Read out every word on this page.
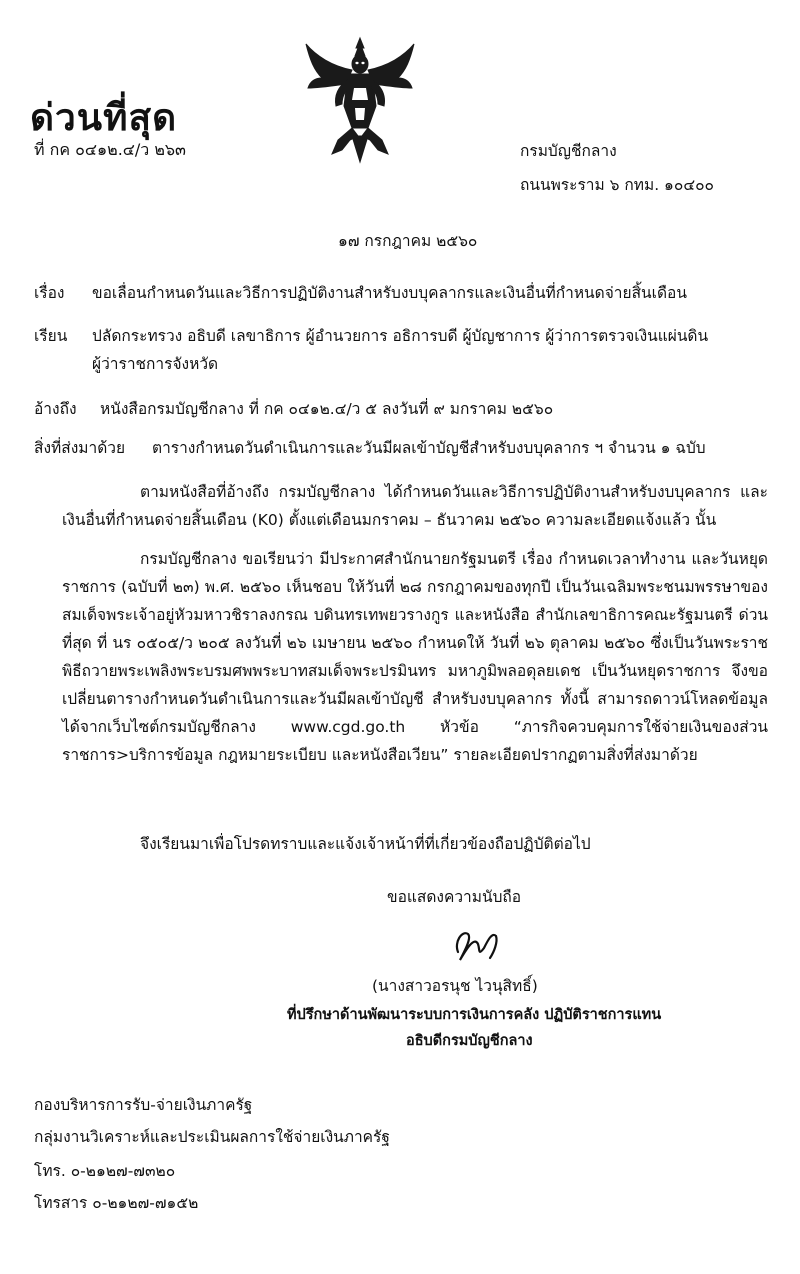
ด่วนที่สุด
ที่ กค ๐๔๑๒.๔/ว ๒๖๓	กรมบัญชีกลาง
ถนนพระราม ๖ กทม. ๑๐๔๐๐
๑๗ กรกฎาคม ๒๕๖๐
เรื่อง ขอเลื่อนกำหนดวันและวิธีการปฏิบัติงานสำหรับงบบุคลากรและเงินอื่นที่กำหนดจ่ายสิ้นเดือน
เรียน ปลัดกระทรวง อธิบดี เลขาธิการ ผู้อำนวยการ อธิการบดี ผู้บัญชาการ ผู้ว่าการตรวจเงินแผ่นดิน
ผู้ว่าราชการจังหวัด
อ้างถึง หนังสือกรมบัญชีกลาง ที่ กค ๐๔๑๒.๔/ว ๕ ลงวันที่ ๙ มกราคม ๒๕๖๐
สิ่งที่ส่งมาด้วย ตารางกำหนดวันดำเนินการและวันมีผลเข้าบัญชีสำหรับงบบุคลากร ฯ จำนวน ๑ ฉบับ
ตามหนังสือที่อ้างถึง กรมบัญชีกลาง ได้กำหนดวันและวิธีการปฏิบัติงานสำหรับงบบุคลากร และเงินอื่นที่กำหนดจ่ายสิ้นเดือน (K0) ตั้งแต่เดือนมกราคม – ธันวาคม ๒๕๖๐ ความละเอียดแจ้งแล้ว นั้น
กรมบัญชีกลาง ขอเรียนว่า มีประกาศสำนักนายกรัฐมนตรี เรื่อง กำหนดเวลาทำงาน และวันหยุดราชการ (ฉบับที่ ๒๓) พ.ศ. ๒๕๖๐ เห็นชอบ ให้วันที่ ๒๘ กรกฎาคมของทุกปี เป็นวันเฉลิมพระชนมพรรษาของสมเด็จพระเจ้าอยู่หัวมหาวชิราลงกรณ บดินทรเทพยวรางกูร และหนังสือ สำนักเลขาธิการคณะรัฐมนตรี ด่วนที่สุด ที่ นร ๐๕๐๕/ว ๒๐๕ ลงวันที่ ๒๖ เมษายน ๒๕๖๐ กำหนดให้ วันที่ ๒๖ ตุลาคม ๒๕๖๐ ซึ่งเป็นวันพระราชพิธีถวายพระเพลิงพระบรมศพพระบาทสมเด็จพระปรมินทร มหาภูมิพลอดุลยเดช เป็นวันหยุดราชการ จึงขอเปลี่ยนตารางกำหนดวันดำเนินการและวันมีผลเข้าบัญชี สำหรับงบบุคลากร ทั้งนี้ สามารถดาวน์โหลดข้อมูลได้จากเว็บไซต์กรมบัญชีกลาง www.cgd.go.th หัวข้อ “ภารกิจควบคุมการใช้จ่ายเงินของส่วนราชการ>บริการข้อมูล กฎหมายระเบียบ และหนังสือเวียน” รายละเอียดปรากฏตามสิ่งที่ส่งมาด้วย
จึงเรียนมาเพื่อโปรดทราบและแจ้งเจ้าหน้าที่ที่เกี่ยวข้องถือปฏิบัติต่อไป
ขอแสดงความนับถือ
(นางสาวอรนุช ไวนุสิทธิ์)
ที่ปรึกษาด้านพัฒนาระบบการเงินการคลัง ปฏิบัติราชการแทน
อธิบดีกรมบัญชีกลาง
กองบริหารการรับ-จ่ายเงินภาครัฐ
กลุ่มงานวิเคราะห์และประเมินผลการใช้จ่ายเงินภาครัฐ
โทร. ๐-๒๑๒๗-๗๓๒๐
โทรสาร ๐-๒๑๒๗-๗๑๕๒
